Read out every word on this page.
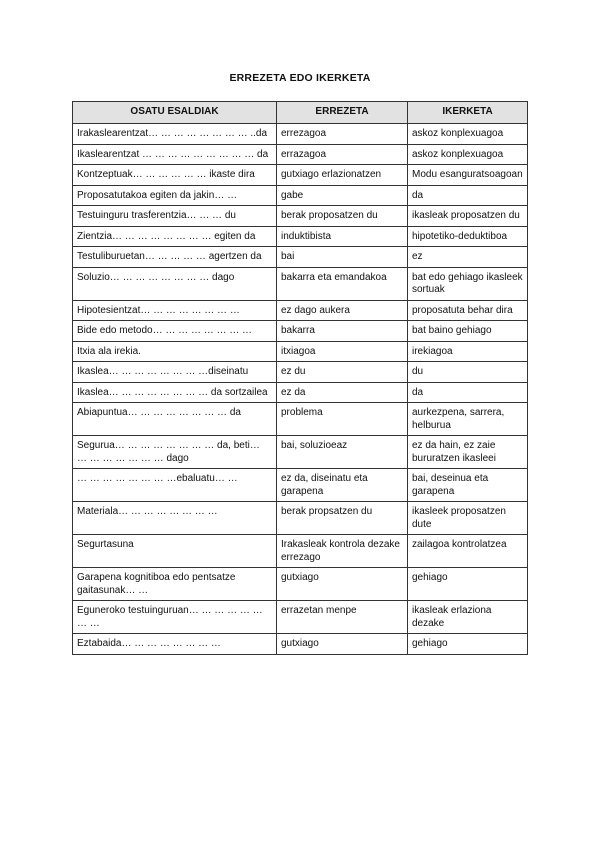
ERREZETA EDO IKERKETA
OSATU ESALDIAK	ERREZETA	IKERKETA
Irakaslearentzat… … … … … … … … ..da	errezagoa	askoz konplexuagoa
Ikaslearentzat … … … … … … … … … da	errazagoa	askoz konplexuagoa
Kontzeptuak… … … … … … ikaste dira	gutxiago erlazionatzen	Modu esanguratsoagoan
Proposatutakoa egiten da jakin… …	gabe	da
Testuinguru trasferentzia… … … du	berak proposatzen du	ikasleak proposatzen du
Zientzia… … … … … … … … egiten da	induktibista	hipotetiko-deduktiboa
Testuliburuetan… … … … … agertzen da	bai	ez
Soluzio… … … … … … … … dago	bakarra eta emandakoa	bat edo gehiago ikasleek sortuak
Hipotesientzat… … … … … … … …	ez dago aukera	proposatuta behar dira
Bide edo metodo… … … … … … … …	bakarra	bat baino gehiago
Itxia ala irekia.	itxiagoa	irekiagoa
Ikaslea… … … … … … … …diseinatu	ez du	du
Ikaslea… … … … … … … … da sortzailea	ez da	da
Abiapuntua… … … … … … … … da	problema	aurkezpena, sarrera, helburua
Segurua… … … … … … … … da, beti… … … … … … … … dago	bai, soluzioeaz	ez da hain, ez zaie bururatzen ikasleei
… … … … … … … …ebaluatu… …	ez da, diseinatu eta garapena	bai, deseinua eta garapena
Materiala… … … … … … … …	berak propsatzen du	ikasleek proposatzen dute
Segurtasuna	Irakasleak kontrola dezake errezago	zailagoa kontrolatzea
Garapena kognitiboa edo pentsatze gaitasunak… …	gutxiago	gehiago
Eguneroko testuinguruan… … … … … … … …	errazetan menpe	ikasleak erlaziona dezake
Eztabaida… … … … … … … …	gutxiago	gehiago
